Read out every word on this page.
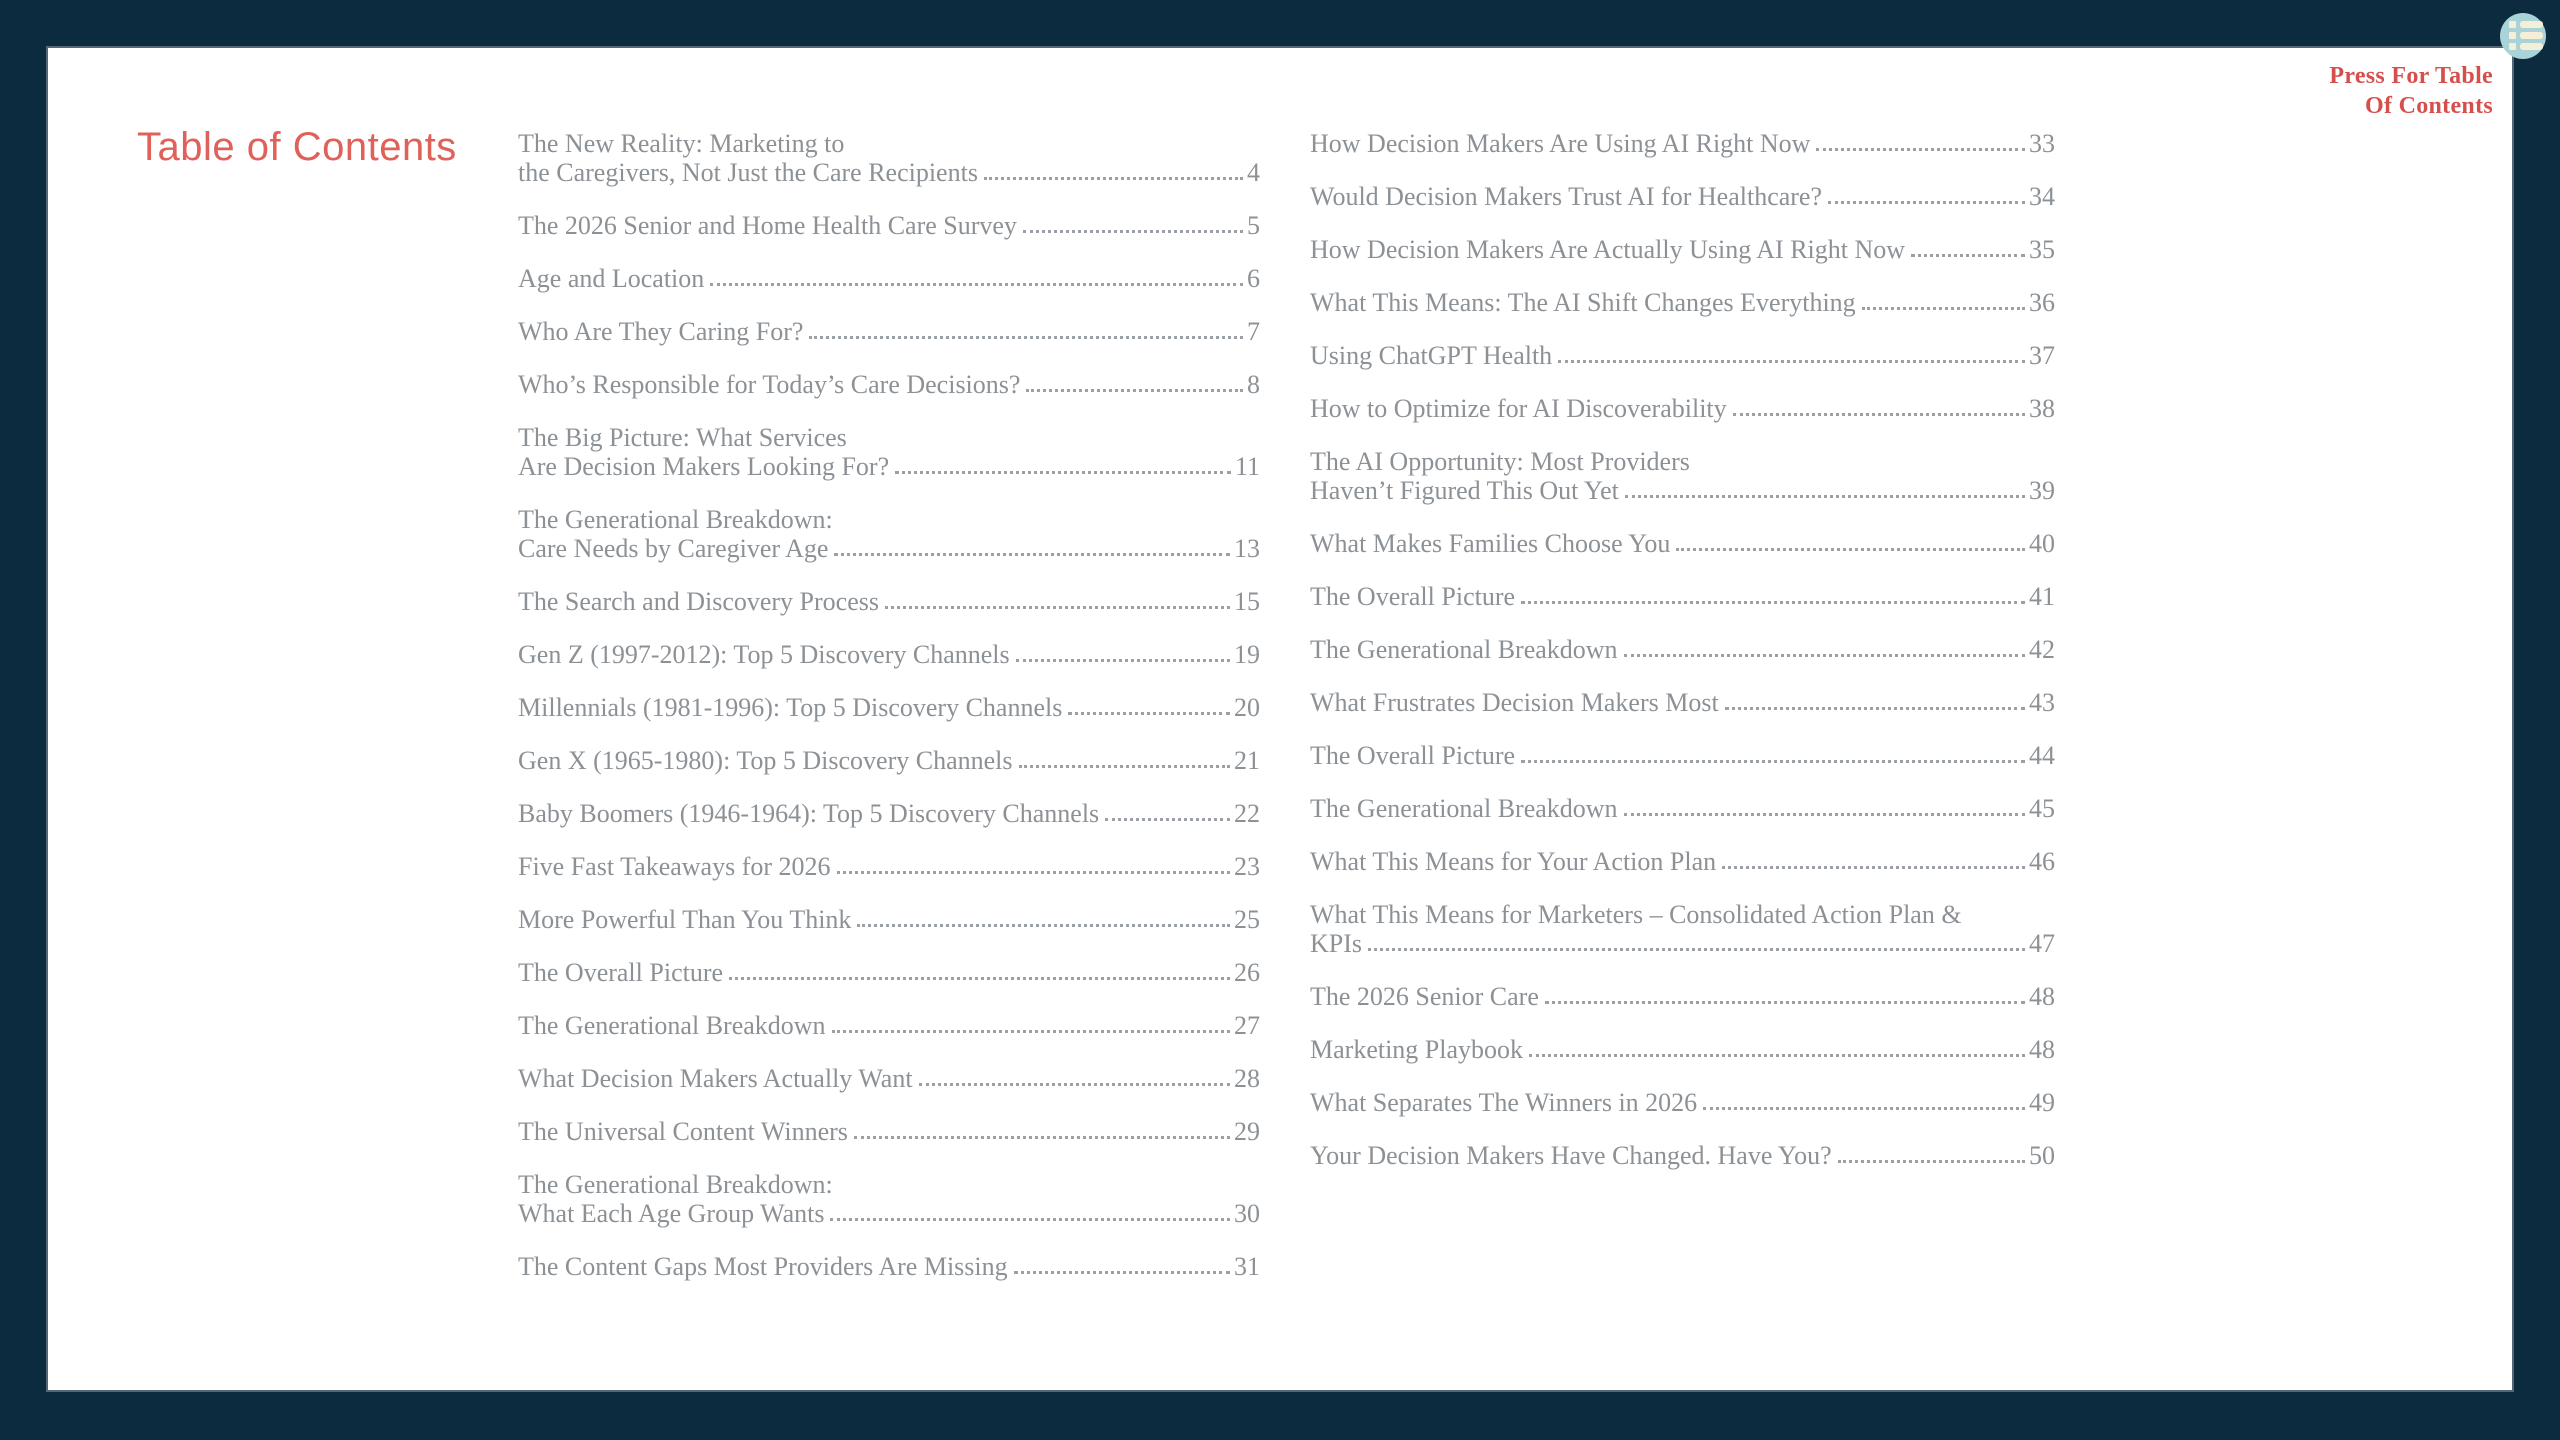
Table of Contents The New Reality: Marketing to
the Caregivers, Not Just the Care Recipients	4
The 2026 Senior and Home Health Care Survey	5
Age and Location	6
Who Are They Caring For?	7
Who’s Responsible for Today’s Care Decisions?	8
The Big Picture: What Services
Are Decision Makers Looking For?	11
The Generational Breakdown:
Care Needs by Caregiver Age	13
The Search and Discovery Process	15
Gen Z (1997-2012): Top 5 Discovery Channels	19
Millennials (1981-1996): Top 5 Discovery Channels	20
Gen X (1965-1980): Top 5 Discovery Channels	21
Baby Boomers (1946-1964): Top 5 Discovery Channels	22
Five Fast Takeaways for 2026	23
More Powerful Than You Think	25
The Overall Picture	26
The Generational Breakdown	27
What Decision Makers Actually Want	28
The Universal Content Winners	29
The Generational Breakdown:
What Each Age Group Wants	30
The Content Gaps Most Providers Are Missing	31
How Decision Makers Are Using AI Right Now	33
Would Decision Makers Trust AI for Healthcare?	34
How Decision Makers Are Actually Using AI Right Now	35
What This Means: The AI Shift Changes Everything	36
Using ChatGPT Health	37
How to Optimize for AI Discoverability	38
The AI Opportunity: Most Providers
Haven’t Figured This Out Yet	39
What Makes Families Choose You	40
The Overall Picture	41
The Generational Breakdown	42
What Frustrates Decision Makers Most	43
The Overall Picture	44
The Generational Breakdown	45
What This Means for Your Action Plan	46
What This Means for Marketers – Consolidated Action Plan &
KPIs	47
The 2026 Senior Care	48
Marketing Playbook	48
What Separates The Winners in 2026	49
Your Decision Makers Have Changed. Have You?	50
Press For Table
Of Contents
